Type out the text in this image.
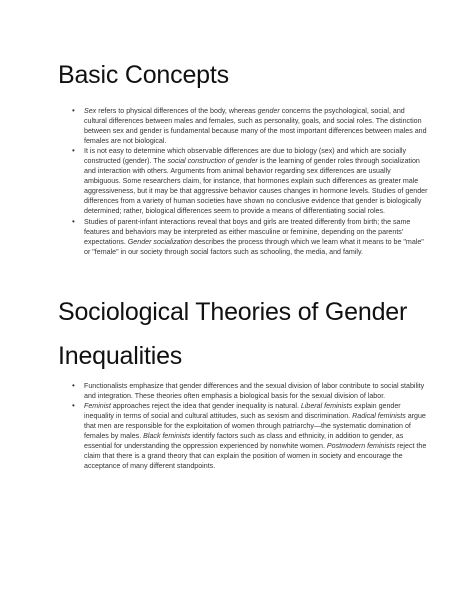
Basic Concepts
• Sex refers to physical differences of the body, whereas gender concerns the psychological, social, and cultural differences between males and females, such as personality, goals, and social roles. The distinction between sex and gender is fundamental because many of the most important differences between males and females are not biological.
• It is not easy to determine which observable differences are due to biology (sex) and which are socially constructed (gender). The social construction of gender is the learning of gender roles through socialization and interaction with others. Arguments from animal behavior regarding sex differences are usually ambiguous. Some researchers claim, for instance, that hormones explain such differences as greater male aggressiveness, but it may be that aggressive behavior causes changes in hormone levels. Studies of gender differences from a variety of human societies have shown no conclusive evidence that gender is biologically determined; rather, biological differences seem to provide a means of differentiating social roles.
• Studies of parent-infant interactions reveal that boys and girls are treated differently from birth; the same features and behaviors may be interpreted as either masculine or feminine, depending on the parents' expectations. Gender socialization describes the process through which we learn what it means to be "male" or "female" in our society through social factors such as schooling, the media, and family.
Sociological Theories of Gender Inequalities
• Functionalists emphasize that gender differences and the sexual division of labor contribute to social stability and integration. These theories often emphasis a biological basis for the sexual division of labor.
• Feminist approaches reject the idea that gender inequality is natural. Liberal feminists explain gender inequality in terms of social and cultural attitudes, such as sexism and discrimination. Radical feminists argue that men are responsible for the exploitation of women through patriarchy—the systematic domination of females by males. Black feminists identify factors such as class and ethnicity, in addition to gender, as essential for understanding the oppression experienced by nonwhite women. Postmodern feminists reject the claim that there is a grand theory that can explain the position of women in society and encourage the acceptance of many different standpoints.
